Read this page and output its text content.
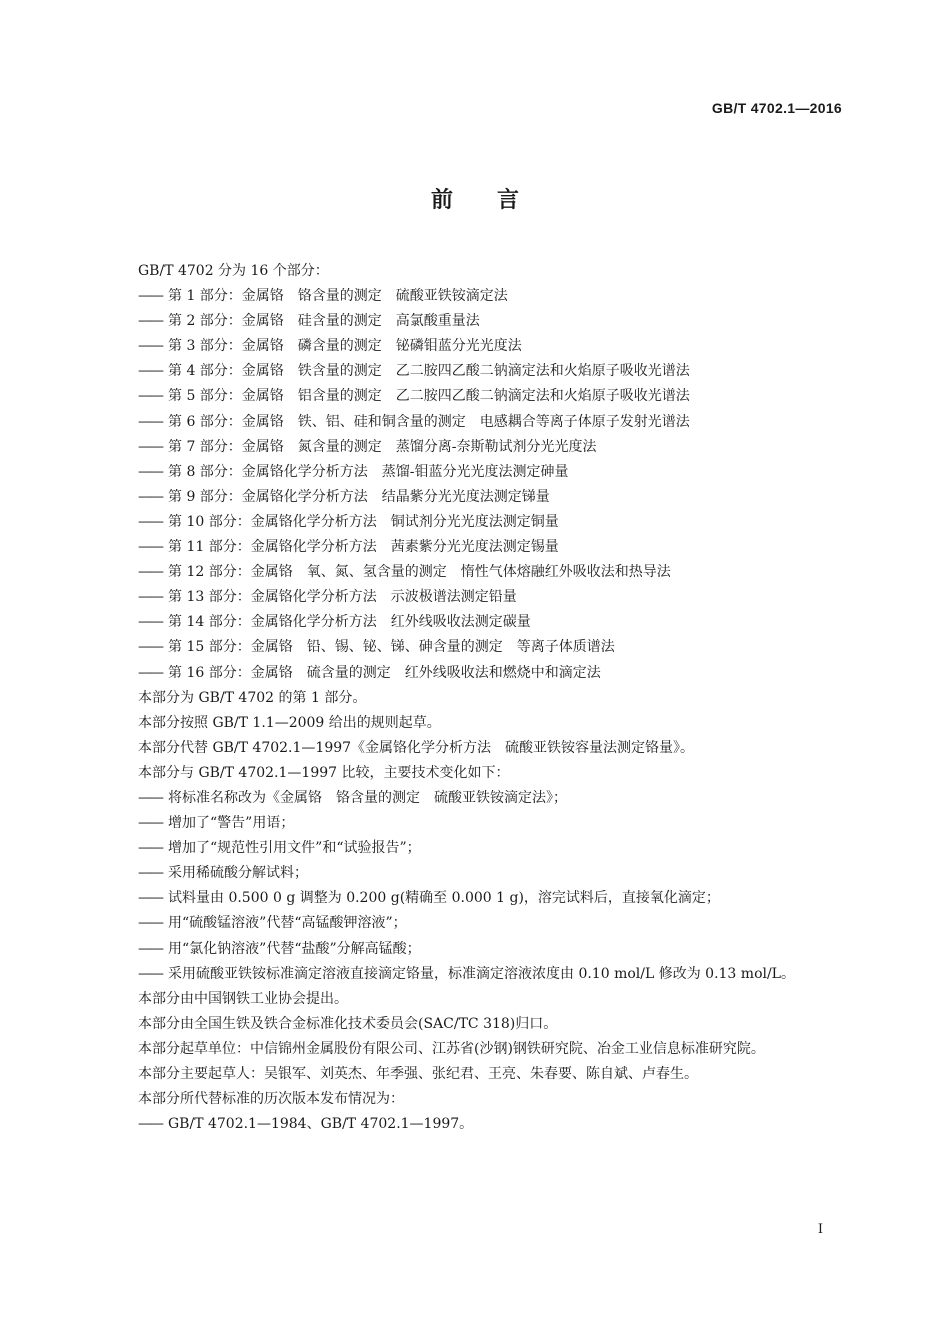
GB/T 4702.1—2016
前言
GB/T 4702 分为 16 个部分：
—— 第 1 部分：金属铬　铬含量的测定　硫酸亚铁铵滴定法
—— 第 2 部分：金属铬　硅含量的测定　高氯酸重量法
—— 第 3 部分：金属铬　磷含量的测定　铋磷钼蓝分光光度法
—— 第 4 部分：金属铬　铁含量的测定　乙二胺四乙酸二钠滴定法和火焰原子吸收光谱法
—— 第 5 部分：金属铬　铝含量的测定　乙二胺四乙酸二钠滴定法和火焰原子吸收光谱法
—— 第 6 部分：金属铬　铁、铝、硅和铜含量的测定　电感耦合等离子体原子发射光谱法
—— 第 7 部分：金属铬　氮含量的测定　蒸馏分离-奈斯勒试剂分光光度法
—— 第 8 部分：金属铬化学分析方法　蒸馏-钼蓝分光光度法测定砷量
—— 第 9 部分：金属铬化学分析方法　结晶紫分光光度法测定锑量
—— 第 10 部分：金属铬化学分析方法　铜试剂分光光度法测定铜量
—— 第 11 部分：金属铬化学分析方法　茜素紫分光光度法测定锡量
—— 第 12 部分：金属铬　氧、氮、氢含量的测定　惰性气体熔融红外吸收法和热导法
—— 第 13 部分：金属铬化学分析方法　示波极谱法测定铅量
—— 第 14 部分：金属铬化学分析方法　红外线吸收法测定碳量
—— 第 15 部分：金属铬　铅、锡、铋、锑、砷含量的测定　等离子体质谱法
—— 第 16 部分：金属铬　硫含量的测定　红外线吸收法和燃烧中和滴定法
本部分为 GB/T 4702 的第 1 部分。
本部分按照 GB/T 1.1—2009 给出的规则起草。
本部分代替 GB/T 4702.1—1997《金属铬化学分析方法　硫酸亚铁铵容量法测定铬量》。
本部分与 GB/T 4702.1—1997 比较，主要技术变化如下：
—— 将标准名称改为《金属铬　铬含量的测定　硫酸亚铁铵滴定法》；
—— 增加了“警告”用语；
—— 增加了“规范性引用文件”和“试验报告”；
—— 采用稀硫酸分解试料；
—— 试料量由 0.500 0 g 调整为 0.200 g(精确至 0.000 1 g)，溶完试料后，直接氧化滴定；
—— 用“硫酸锰溶液”代替“高锰酸钾溶液”；
—— 用“氯化钠溶液”代替“盐酸”分解高锰酸；
—— 采用硫酸亚铁铵标准滴定溶液直接滴定铬量，标准滴定溶液浓度由 0.10 mol/L 修改为 0.13 mol/L。
本部分由中国钢铁工业协会提出。
本部分由全国生铁及铁合金标准化技术委员会(SAC/TC 318)归口。
本部分起草单位：中信锦州金属股份有限公司、江苏省(沙钢)钢铁研究院、冶金工业信息标准研究院。
本部分主要起草人：吴银军、刘英杰、年季强、张纪君、王亮、朱春要、陈自斌、卢春生。
本部分所代替标准的历次版本发布情况为：
—— GB/T 4702.1—1984、GB/T 4702.1—1997。
I
